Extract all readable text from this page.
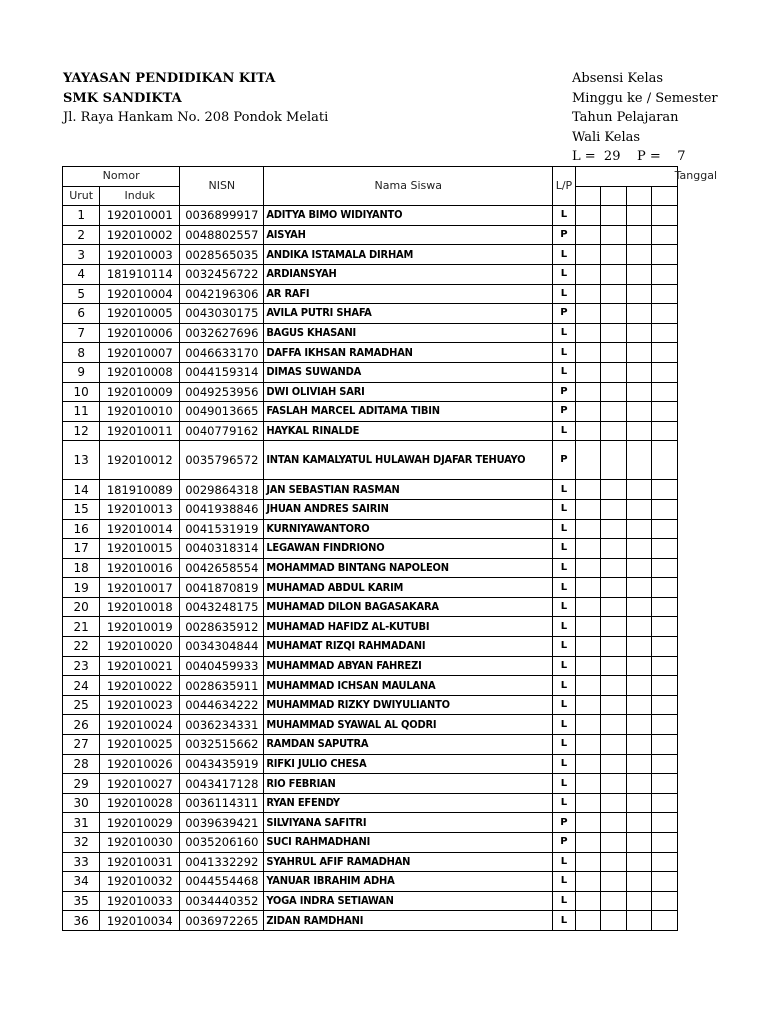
YAYASAN PENDIDIKAN KITA
SMK SANDIKTA
Jl. Raya Hankam No. 208 Pondok Melati
Absensi Kelas
Minggu ke / Semester
Tahun Pelajaran
Wali Kelas
L =  29    P =    7
Nomor		NISN	Nama Siswa	L/P	Tanggal			
Urut	Induk							
1	192010001	0036899917	ADITYA BIMO WIDIYANTO	L				
2	192010002	0048802557	AISYAH	P				
3	192010003	0028565035	ANDIKA ISTAMALA DIRHAM	L				
4	181910114	0032456722	ARDIANSYAH	L				
5	192010004	0042196306	AR RAFI	L				
6	192010005	0043030175	AVILA PUTRI SHAFA	P				
7	192010006	0032627696	BAGUS KHASANI	L				
8	192010007	0046633170	DAFFA IKHSAN RAMADHAN	L				
9	192010008	0044159314	DIMAS SUWANDA	L				
10	192010009	0049253956	DWI OLIVIAH SARI	P				
11	192010010	0049013665	FASLAH MARCEL ADITAMA TIBIN	P				
12	192010011	0040779162	HAYKAL RINALDE	L				
13	192010012	0035796572	INTAN KAMALYATUL HULAWAH DJAFAR TEHUAYO	P				
14	181910089	0029864318	JAN SEBASTIAN RASMAN	L				
15	192010013	0041938846	JHUAN ANDRES SAIRIN	L				
16	192010014	0041531919	KURNIYAWANTORO	L				
17	192010015	0040318314	LEGAWAN FINDRIONO	L				
18	192010016	0042658554	MOHAMMAD BINTANG NAPOLEON	L				
19	192010017	0041870819	MUHAMAD ABDUL KARIM	L				
20	192010018	0043248175	MUHAMAD DILON BAGASAKARA	L				
21	192010019	0028635912	MUHAMAD HAFIDZ AL-KUTUBI	L				
22	192010020	0034304844	MUHAMAT RIZQI RAHMADANI	L				
23	192010021	0040459933	MUHAMMAD ABYAN FAHREZI	L				
24	192010022	0028635911	MUHAMMAD ICHSAN MAULANA	L				
25	192010023	0044634222	MUHAMMAD RIZKY DWIYULIANTO	L				
26	192010024	0036234331	MUHAMMAD SYAWAL AL QODRI	L				
27	192010025	0032515662	RAMDAN SAPUTRA	L				
28	192010026	0043435919	RIFKI JULIO CHESA	L				
29	192010027	0043417128	RIO FEBRIAN	L				
30	192010028	0036114311	RYAN EFENDY	L				
31	192010029	0039639421	SILVIYANA SAFITRI	P				
32	192010030	0035206160	SUCI RAHMADHANI	P				
33	192010031	0041332292	SYAHRUL AFIF RAMADHAN	L				
34	192010032	0044554468	YANUAR IBRAHIM ADHA	L				
35	192010033	0034440352	YOGA INDRA SETIAWAN	L				
36	192010034	0036972265	ZIDAN RAMDHANI	L				
